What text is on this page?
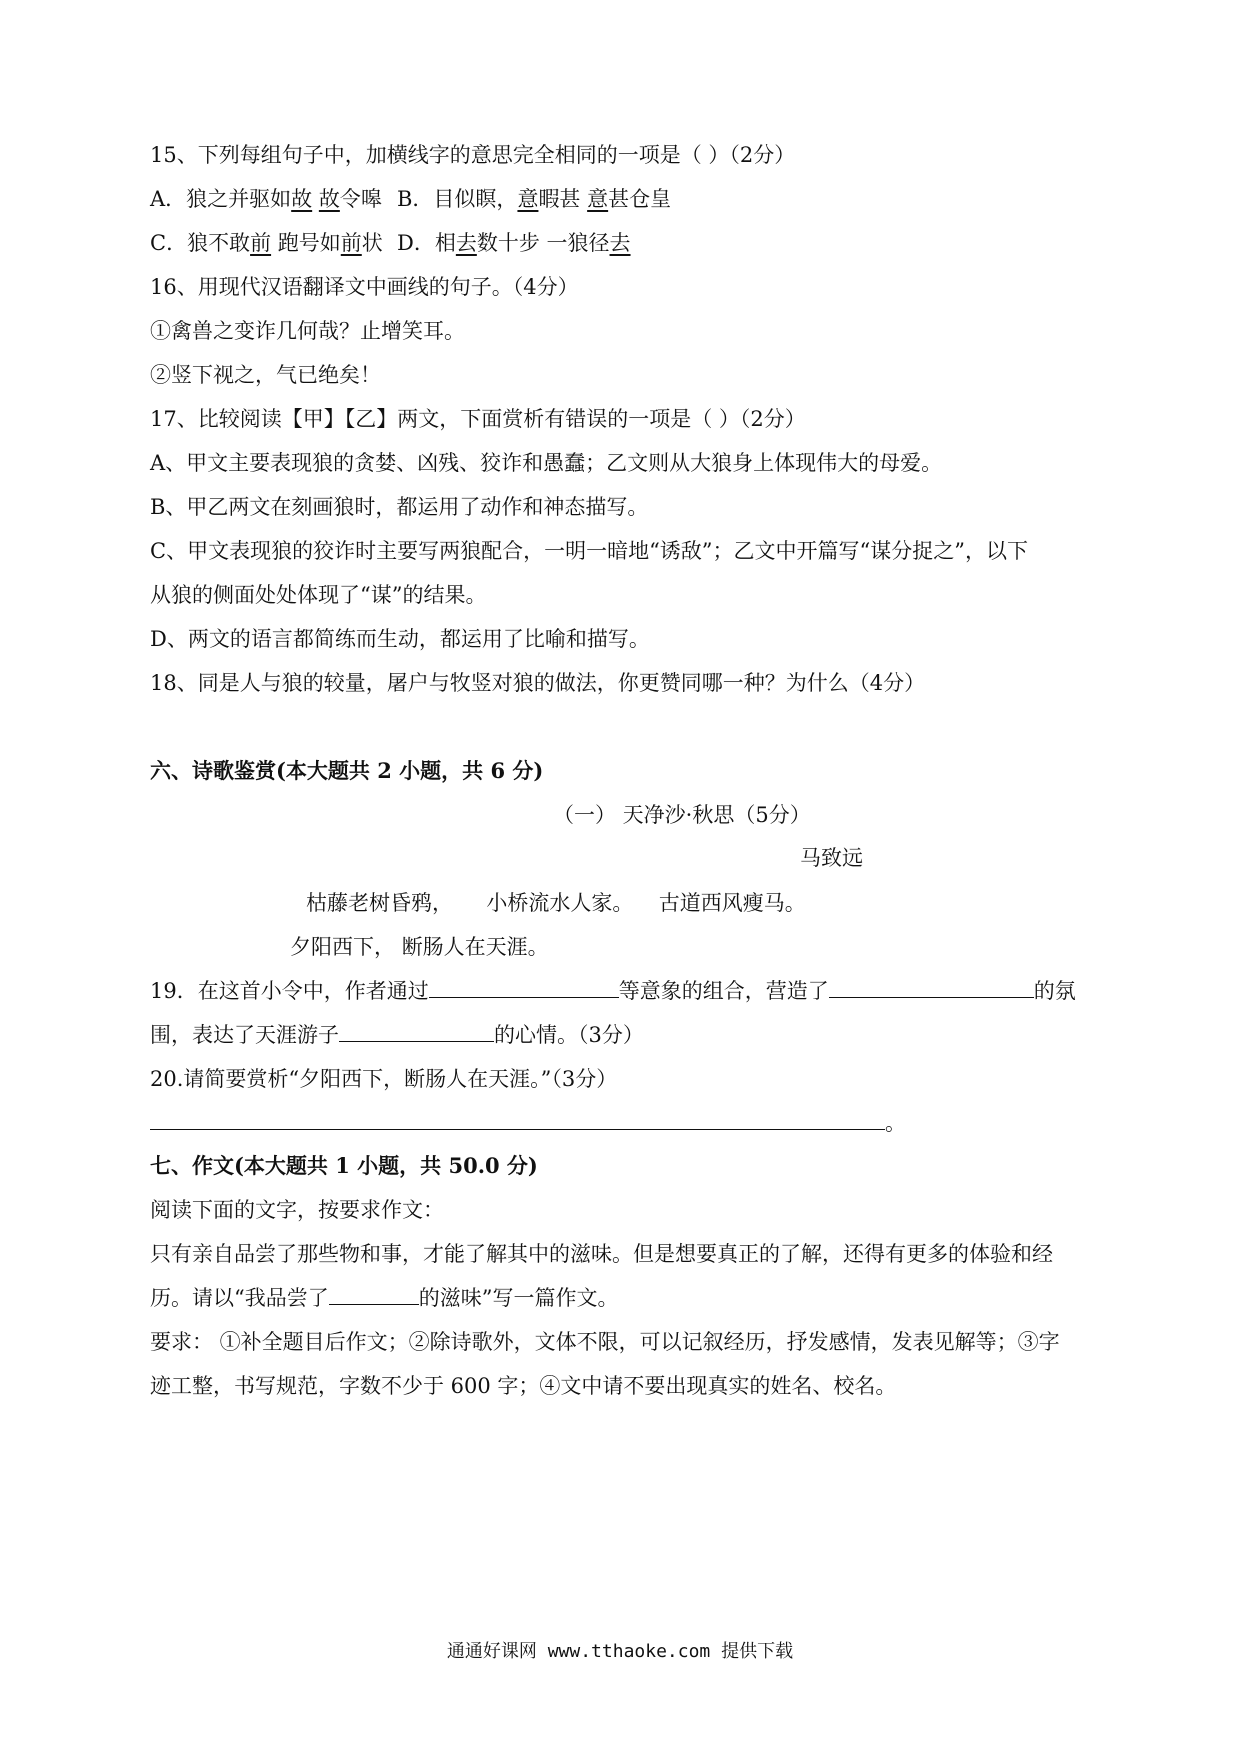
15、下列每组句子中，加横线字的意思完全相同的一项是（ ）（2分）
A．狼之并驱如故 故令嗥 B．目似瞑，意暇甚 意甚仓皇
C．狼不敢前 跑号如前状 D．相去数十步 一狼径去
16、用现代汉语翻译文中画线的句子。（4分）
①禽兽之变诈几何哉？止增笑耳。
②竖下视之，气已绝矣！
17、比较阅读【甲】【乙】两文，下面赏析有错误的一项是（ ）（2分）
A、甲文主要表现狼的贪婪、凶残、狡诈和愚蠢；乙文则从大狼身上体现伟大的母爱。
B、甲乙两文在刻画狼时，都运用了动作和神态描写。
C、甲文表现狼的狡诈时主要写两狼配合，一明一暗地“诱敌”；乙文中开篇写“谋分捉之”，以下
从狼的侧面处处体现了“谋”的结果。
D、两文的语言都简练而生动，都运用了比喻和描写。
18、同是人与狼的较量，屠户与牧竖对狼的做法，你更赞同哪一种？为什么（4分）
六、诗歌鉴赏(本大题共 2 小题，共 6 分)
（一） 天净沙·秋思（5分）
马致远
枯藤老树昏鸦， 小桥流水人家。 古道西风瘦马。
夕阳西下， 断肠人在天涯。
19．在这首小令中，作者通过	等意象的组合，营造了	的氛
围，表达了天涯游子	的心情。（3分）
20.请简要赏析“夕阳西下，断肠人在天涯。”（3分）
。
七、作文(本大题共 1 小题，共 50.0 分)
阅读下面的文字，按要求作文：
只有亲自品尝了那些物和事，才能了解其中的滋味。但是想要真正的了解，还得有更多的体验和经
历。请以“我品尝了	的滋味”写一篇作文。
要求： ①补全题目后作文；②除诗歌外，文体不限，可以记叙经历，抒发感情，发表见解等；③字
迹工整，书写规范，字数不少于 600 字；④文中请不要出现真实的姓名、校名。
通通好课网 www.tthaoke.com 提供下载
